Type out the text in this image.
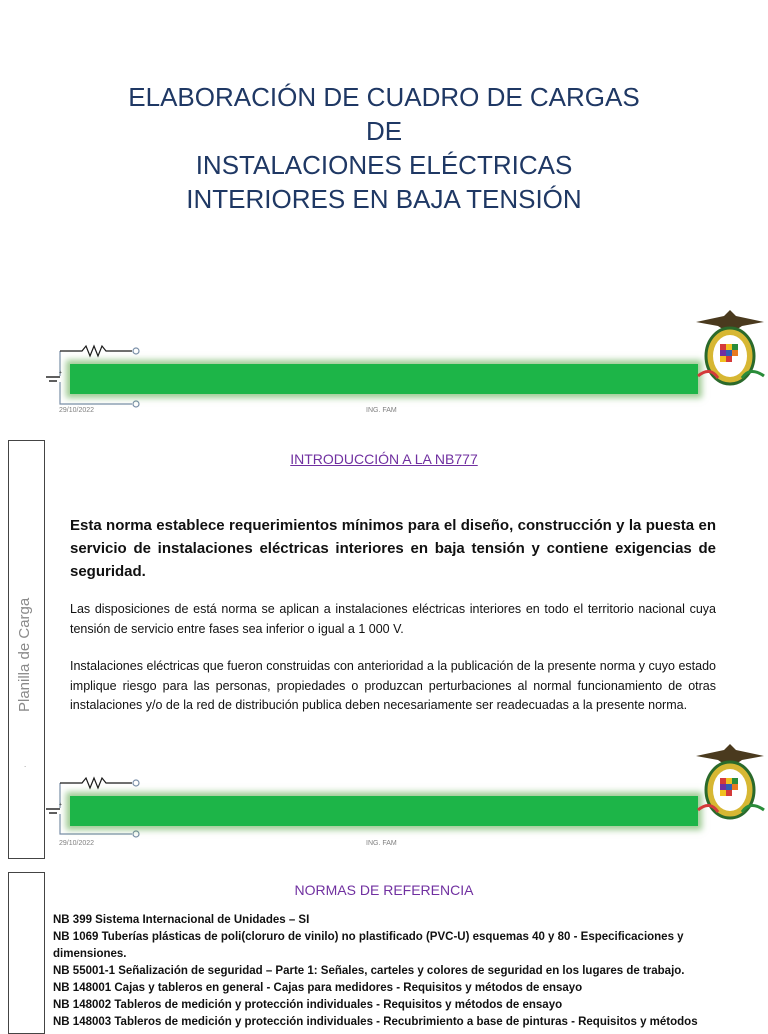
ELABORACIÓN DE CUADRO DE CARGAS
DE
INSTALACIONES ELÉCTRICAS
INTERIORES EN BAJA TENSIÓN
+
29/10/2022	ING. FAM
Planilla de Carga
.
INTRODUCCIÓN A LA NB777
Esta norma establece requerimientos mínimos para el diseño, construcción y la puesta en servicio de instalaciones eléctricas interiores en baja tensión y contiene exigencias de seguridad.
Las disposiciones de está norma se aplican a instalaciones eléctricas interiores en todo el territorio nacional cuya tensión de servicio entre fases sea inferior o igual a 1 000 V.
Instalaciones eléctricas que fueron construidas con anterioridad a la publicación de la presente norma y cuyo estado implique riesgo para las personas, propiedades o produzcan perturbaciones al normal funcionamiento de otras instalaciones y/o de la red de distribución publica deben necesariamente ser readecuadas a la presente norma.
+
29/10/2022	ING. FAM
NORMAS DE REFERENCIA
NB 399 Sistema Internacional de Unidades – SI
NB 1069 Tuberías plásticas de poli(cloruro de vinilo) no plastificado (PVC-U) esquemas 40 y 80 - Especificaciones y dimensiones.
NB 55001-1 Señalización de seguridad – Parte 1: Señales, carteles y colores de seguridad en los lugares de trabajo.
NB 148001 Cajas y tableros en general - Cajas para medidores - Requisitos y métodos de ensayo
NB 148002 Tableros de medición y protección individuales - Requisitos y métodos de ensayo
NB 148003 Tableros de medición y protección individuales - Recubrimiento a base de pinturas - Requisitos y métodos
